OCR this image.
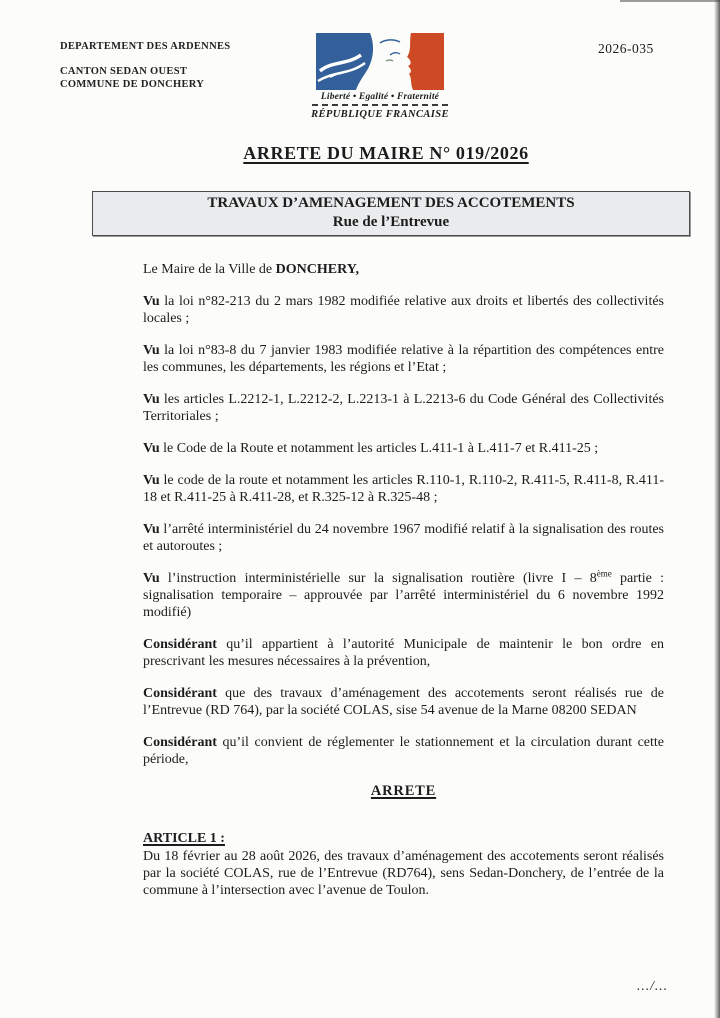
DEPARTEMENT DES ARDENNES
CANTON SEDAN OUEST
COMMUNE DE DONCHERY
2026-035
Liberté • Egalité • Fraternité
RÉPUBLIQUE FRANCAISE
ARRETE DU MAIRE N° 019/2026
TRAVAUX D’AMENAGEMENT DES ACCOTEMENTS
Rue de l’Entrevue

Le Maire de la Ville de DONCHERY,

Vu la loi n°82-213 du 2 mars 1982 modifiée relative aux droits et libertés des collectivités locales ;

Vu la loi n°83-8 du 7 janvier 1983 modifiée relative à la répartition des compétences entre les communes, les départements, les régions et l’Etat ;

Vu les articles L.2212-1, L.2212-2, L.2213-1 à L.2213-6 du Code Général des Collectivités Territoriales ;

Vu le Code de la Route et notamment les articles L.411-1 à L.411-7 et R.411-25 ;

Vu le code de la route et notamment les articles R.110-1, R.110-2, R.411-5, R.411-8, R.411-18 et R.411-25 à R.411-28, et R.325-12 à R.325-48 ;

Vu l’arrêté interministériel du 24 novembre 1967 modifié relatif à la signalisation des routes et autoroutes ;

Vu l’instruction interministérielle sur la signalisation routière (livre I – 8ème partie : signalisation temporaire – approuvée par l’arrêté interministériel du 6 novembre 1992 modifié)

Considérant qu’il appartient à l’autorité Municipale de maintenir le bon ordre en prescrivant les mesures nécessaires à la prévention,

Considérant que des travaux d’aménagement des accotements seront réalisés rue de l’Entrevue (RD 764), par la société COLAS, sise 54 avenue de la Marne 08200 SEDAN

Considérant qu’il convient de réglementer le stationnement et la circulation durant cette période,

ARRETE
ARTICLE 1 :

Du 18 février au 28 août 2026, des travaux d’aménagement des accotements seront réalisés par la société COLAS, rue de l’Entrevue (RD764), sens Sedan-Donchery, de l’entrée de la commune à l’intersection avec l’avenue de Toulon.

.../...
